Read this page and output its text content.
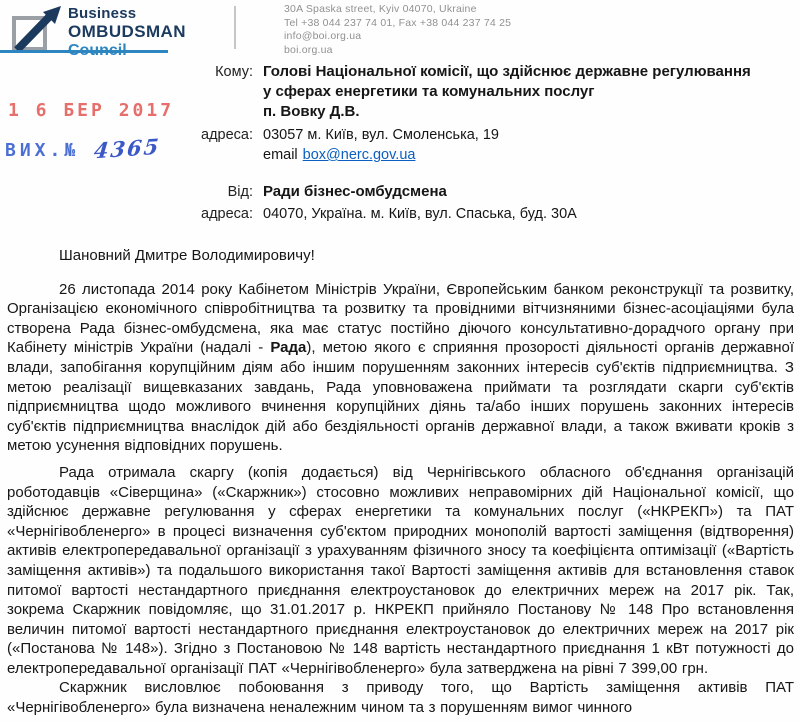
Business
OMBUDSMAN
30A Spaska street, Kyiv 04070, Ukraine
Tel +38 044 237 74 01, Fax +38 044 237 74 25
info@boi.org.ua
boi.org.ua
1 6 БЕР 2017
ВИХ.№ 4365
Кому: Голові Національної комісії, що здійснює державне регулювання
у сферах енергетики та комунальних послуг
п. Вовку Д.В.
адреса: 03057 м. Київ, вул. Смоленська, 19
email box@nerc.gov.ua
Від: Ради бізнес-омбудсмена
адреса: 04070, Україна. м. Київ, вул. Спаська, буд. 30А

Шановний Дмитре Володимировичу!

26 листопада 2014 року Кабінетом Міністрів України, Європейським банком реконструкції та розвитку, Організацією економічного співробітництва та розвитку та провідними вітчизняними бізнес-асоціаціями була створена Рада бізнес-омбудсмена, яка має статус постійно діючого консультативно-дорадчого органу при Кабінету міністрів України (надалі - Рада), метою якого є сприяння прозорості діяльності органів державної влади, запобігання корупційним діям або іншим порушенням законних інтересів суб'єктів підприємництва. З метою реалізації вищевказаних завдань, Рада уповноважена приймати та розглядати скарги суб'єктів підприємництва щодо можливого вчинення корупційних діянь та/або інших порушень законних інтересів суб'єктів підприємництва внаслідок дій або бездіяльності органів державної влади, а також вживати кроків з метою усунення відповідних порушень.

Рада отримала скаргу (копія додається) від Чернігівського обласного об'єднання організацій роботодавців «Сіверщина» («Скаржник») стосовно можливих неправомірних дій Національної комісії, що здійснює державне регулювання у сферах енергетики та комунальних послуг («НКРЕКП») та ПАТ «Чернігівобленерго» в процесі визначення суб'єктом природних монополій вартості заміщення (відтворення) активів електропередавальної організації з урахуванням фізичного зносу та коефіцієнта оптимізації («Вартість заміщення активів») та подальшого використання такої Вартості заміщення активів для встановлення ставок питомої вартості нестандартного приєднання електроустановок до електричних мереж на 2017 рік. Так, зокрема Скаржник повідомляє, що 31.01.2017 р. НКРЕКП прийняло Постанову № 148 Про встановлення величин питомої вартості нестандартного приєднання електроустановок до електричних мереж на 2017 рік («Постанова № 148»). Згідно з Постановою № 148 вартість нестандартного приєднання 1 кВт потужності до електропередавальної організації ПАТ «Чернігівобленерго» була затверджена на рівні 7 399,00 грн.

Скаржник висловлює побоювання з приводу того, що Вартість заміщення активів ПАТ «Чернігівобленерго» була визначена неналежним чином та з порушенням вимог чинного
